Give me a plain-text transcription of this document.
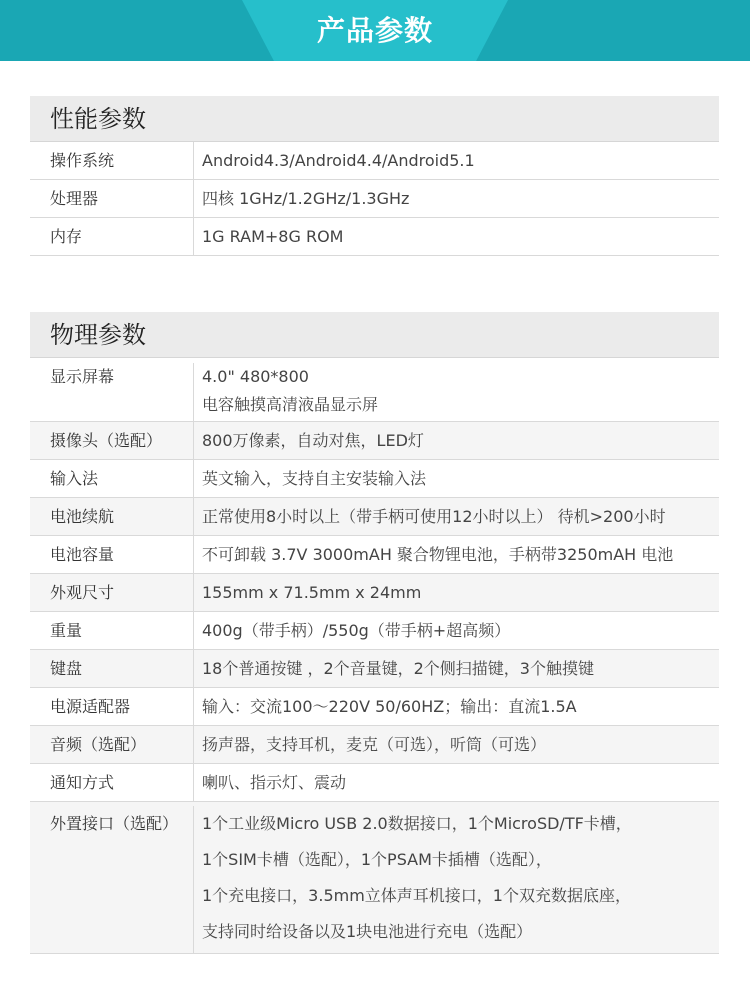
产品参数
性能参数
操作系统	Android4.3/Android4.4/Android5.1
处理器	四核 1GHz/1.2GHz/1.3GHz
内存	1G RAM+8G ROM
物理参数
显示屏幕	4.0" 480*800
电容触摸高清液晶显示屏
摄像头（选配）	800万像素，自动对焦，LED灯
输入法	英文输入，支持自主安装输入法
电池续航	正常使用8小时以上（带手柄可使用12小时以上） 待机>200小时
电池容量	不可卸载 3.7V 3000mAH 聚合物锂电池，手柄带3250mAH 电池
外观尺寸	155mm x 71.5mm x 24mm
重量	400g（带手柄）/550g（带手柄+超高频）
键盘	18个普通按键 ，2个音量键，2个侧扫描键，3个触摸键
电源适配器	输入：交流100～220V 50/60HZ；输出：直流1.5A
音频（选配）	扬声器，支持耳机，麦克（可选），听筒（可选）
通知方式	喇叭、指示灯、震动
外置接口（选配）	1个工业级Micro USB 2.0数据接口，1个MicroSD/TF卡槽，
1个SIM卡槽（选配），1个PSAM卡插槽（选配），
1个充电接口，3.5mm立体声耳机接口，1个双充数据底座，
支持同时给设备以及1块电池进行充电（选配）
